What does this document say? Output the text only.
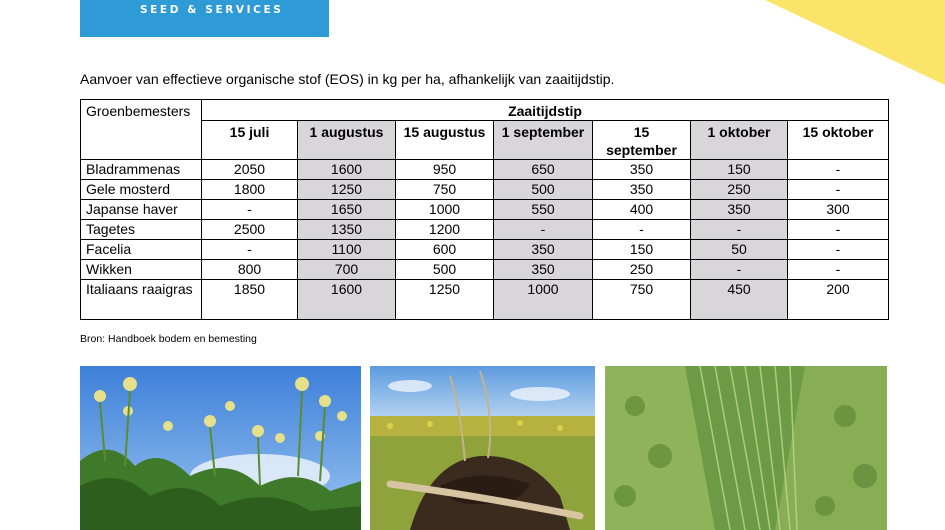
SEED & SERVICES
Aanvoer van effectieve organische stof (EOS) in kg per ha, afhankelijk van zaaitijdstip.
Groenbemesters	Zaaitijdstip						
	15 juli	1 augustus	15 augustus	1 september	15 september	1 oktober	15 oktober
Bladrammenas	2050	1600	950	650	350	150	-
Gele mosterd	1800	1250	750	500	350	250	-
Japanse haver	-	1650	1000	550	400	350	300
Tagetes	2500	1350	1200	-	-	-	-
Facelia	-	1100	600	350	150	50	-
Wikken	800	700	500	350	250	-	-
Italiaans raaigras	1850	1600	1250	1000	750	450	200
Bron: Handboek bodem en bemesting
